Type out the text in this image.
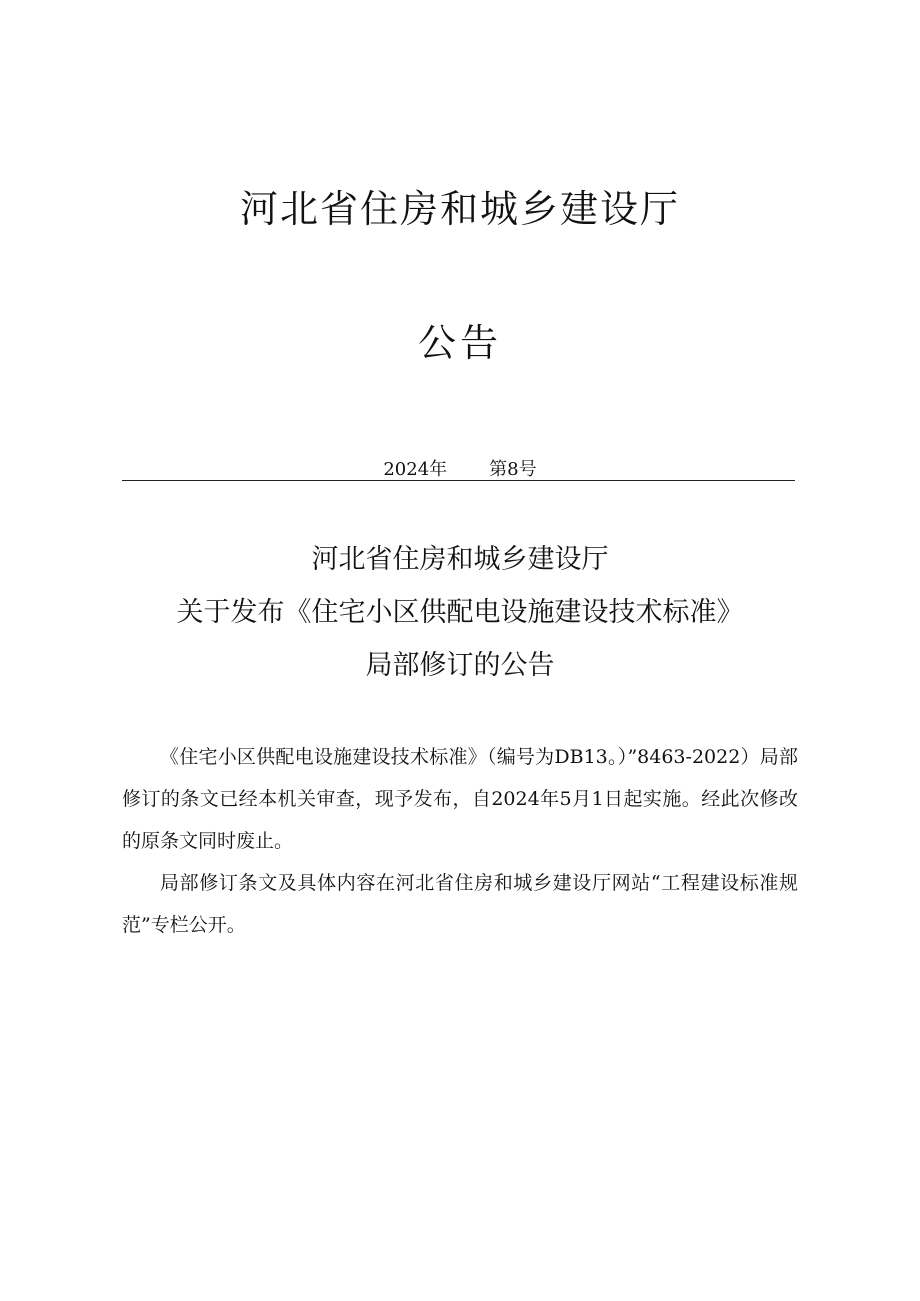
河北省住房和城乡建设厅
公告
2024年 第8号
河北省住房和城乡建设厅
关于发布《住宅小区供配电设施建设技术标准》
局部修订的公告

《住宅小区供配电设施建设技术标准》（编号为DB13。）”8463-2022）局部修订的条文已经本机关审查，现予发布，自2024年5月1日起实施。经此次修改的原条文同时废止。

局部修订条文及具体内容在河北省住房和城乡建设厅网站“工程建设标准规范”专栏公开。
